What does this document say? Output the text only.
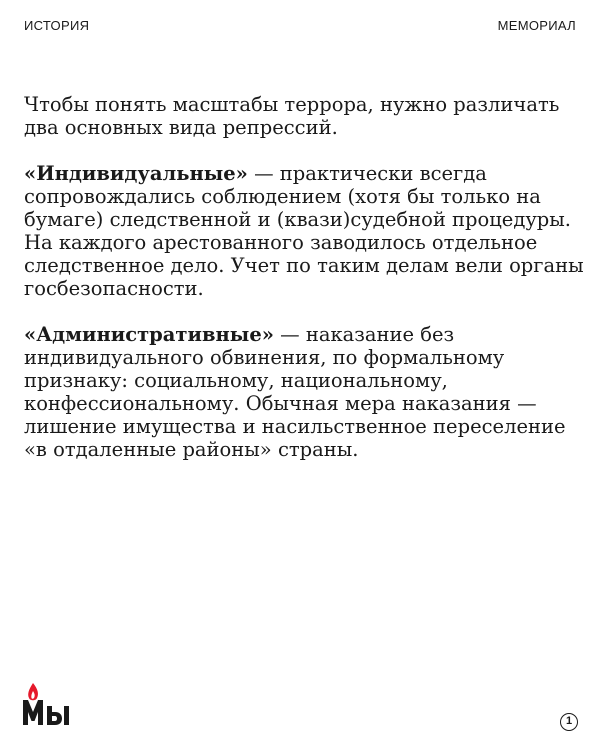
ИСТОРИЯ	МЕМОРИАЛ

Чтобы понять масштабы террора, нужно различать два основных вида репрессий.

«Индивидуальные» — практически всегда сопровождались соблюдением (хотя бы только на бумаге) следственной и (квази)судебной процедуры. На каждого арестованного заводилось отдельное следственное дело. Учет по таким делам вели органы госбезопасности.

«Административные» — наказание без индивидуального обвинения, по формальному признаку: социальному, национальному, конфессиональному. Обычная мера наказания — лишение имущества и насильственное переселение «в отдаленные районы» страны.

1
